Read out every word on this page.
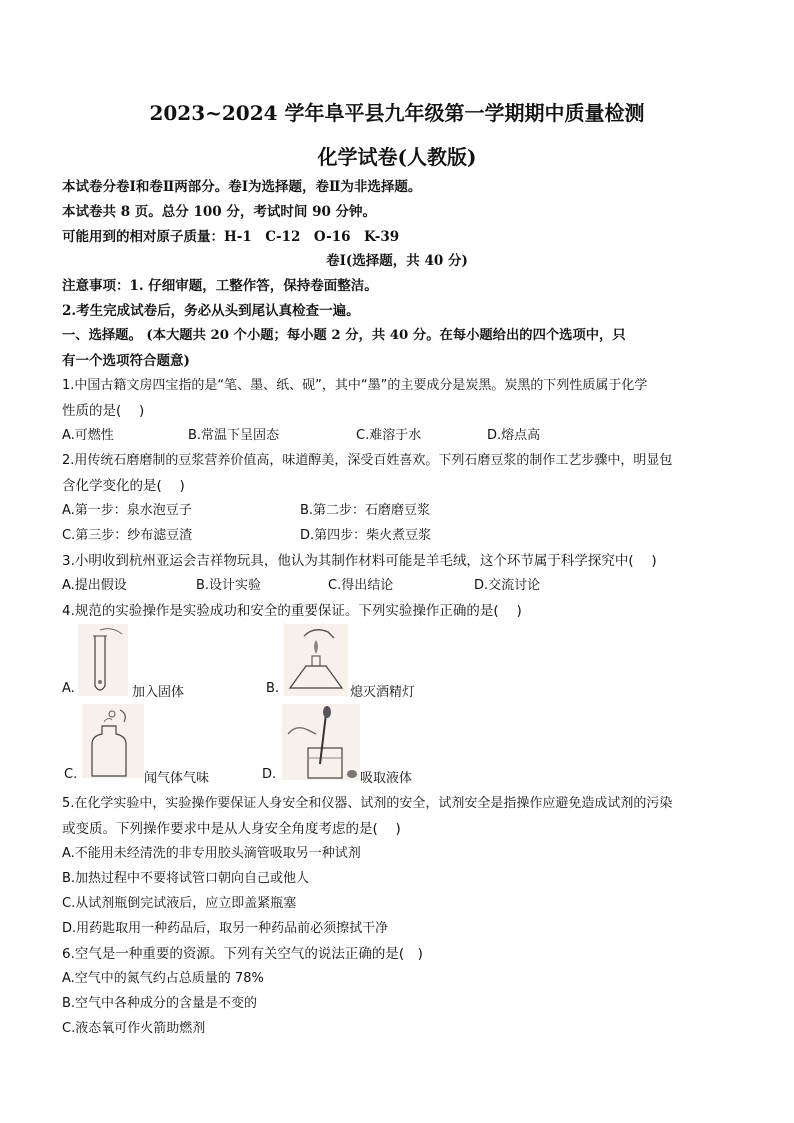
2023~2024 学年阜平县九年级第一学期期中质量检测
化学试卷(人教版)
本试卷分卷Ⅰ和卷Ⅱ两部分。卷Ⅰ为选择题，卷Ⅱ为非选择题。
本试卷共 8 页。总分 100 分，考试时间 90 分钟。
可能用到的相对原子质量：H-1　C-12　O-16　K-39
卷Ⅰ(选择题，共 40 分)
注意事项：1. 仔细审题，工整作答，保持卷面整洁。
2.考生完成试卷后，务必从头到尾认真检查一遍。
一、选择题。 (本大题共 20 个小题；每小题 2 分，共 40 分。在每小题给出的四个选项中，只
有一个选项符合题意)
1.中国古籍文房四宝指的是“笔、墨、纸、砚”，其中“墨”的主要成分是炭黑。炭黑的下列性质属于化学
性质的是(　 )
A.可燃性	B.常温下呈固态	C.难溶于水	D.熔点高
2.用传统石磨磨制的豆浆营养价值高，味道醇美，深受百姓喜欢。下列石磨豆浆的制作工艺步骤中，明显包
含化学变化的是(　 )
A.第一步：泉水泡豆子	B.第二步：石磨磨豆浆
C.第三步：纱布滤豆渣	D.第四步：柴火煮豆浆
3.小明收到杭州亚运会吉祥物玩具，他认为其制作材料可能是羊毛绒，这个环节属于科学探究中(　 )
A.提出假设	B.设计实验	C.得出结论	D.交流讨论
4.规范的实验操作是实验成功和安全的重要保证。下列实验操作正确的是(　 )
A.	加入固体	B.	熄灭酒精灯
C.	闻气体气味	D.	吸取液体
5.在化学实验中，实验操作要保证人身安全和仪器、试剂的安全，试剂安全是指操作应避免造成试剂的污染
或变质。下列操作要求中是从人身安全角度考虑的是(　 )
A.不能用未经清洗的非专用胶头滴管吸取另一种试剂
B.加热过程中不要将试管口朝向自己或他人
C.从试剂瓶倒完试液后，应立即盖紧瓶塞
D.用药匙取用一种药品后，取另一种药品前必须擦拭干净
6.空气是一种重要的资源。下列有关空气的说法正确的是(　)
A.空气中的氮气约占总质量的 78%
B.空气中各种成分的含量是不变的
C.液态氧可作火箭助燃剂
